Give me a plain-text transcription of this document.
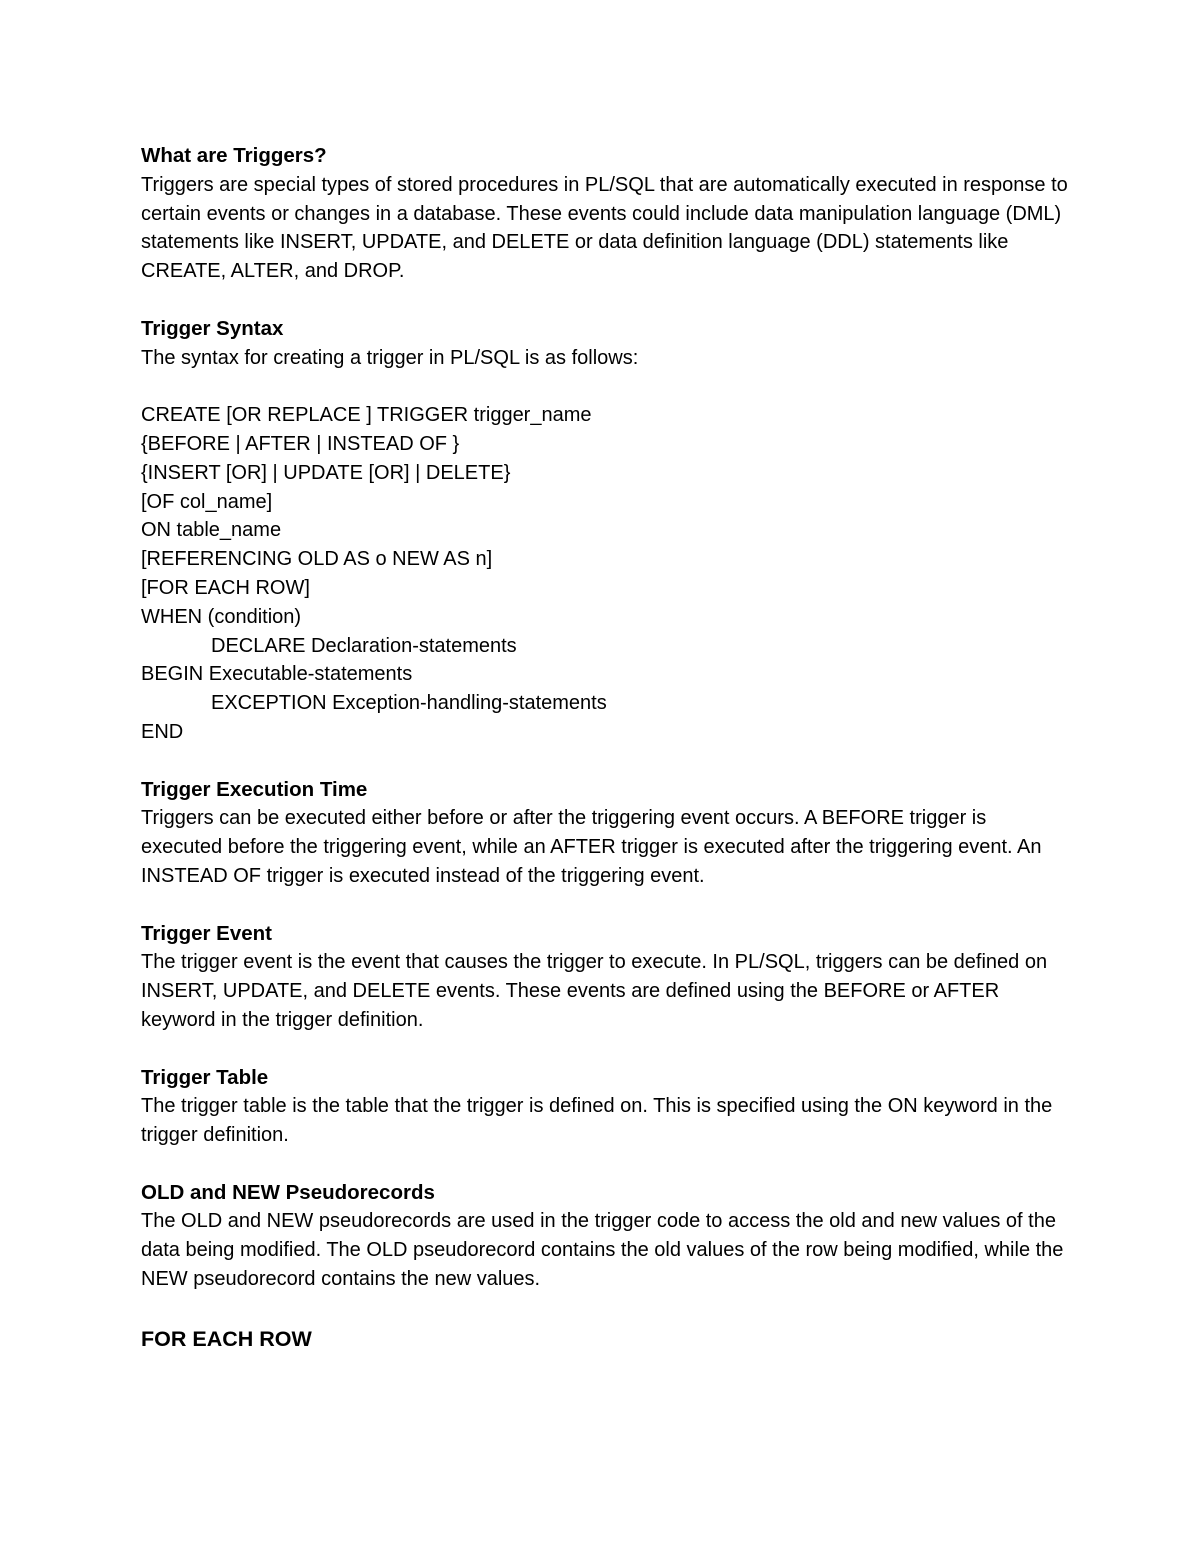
What are Triggers?

Triggers are special types of stored procedures in PL/SQL that are automatically executed in response to certain events or changes in a database. These events could include data manipulation language (DML) statements like INSERT, UPDATE, and DELETE or data definition language (DDL) statements like CREATE, ALTER, and DROP.

Trigger Syntax

The syntax for creating a trigger in PL/SQL is as follows:

CREATE [OR REPLACE ] TRIGGER trigger_name

{BEFORE | AFTER | INSTEAD OF }

{INSERT [OR] | UPDATE [OR] | DELETE}

[OF col_name]

ON table_name

[REFERENCING OLD AS o NEW AS n]

[FOR EACH ROW]

WHEN (condition)

DECLARE Declaration-statements

BEGIN Executable-statements

EXCEPTION Exception-handling-statements

END

Trigger Execution Time

Triggers can be executed either before or after the triggering event occurs. A BEFORE trigger is executed before the triggering event, while an AFTER trigger is executed after the triggering event. An INSTEAD OF trigger is executed instead of the triggering event.

Trigger Event

The trigger event is the event that causes the trigger to execute. In PL/SQL, triggers can be defined on INSERT, UPDATE, and DELETE events. These events are defined using the BEFORE or AFTER keyword in the trigger definition.

Trigger Table

The trigger table is the table that the trigger is defined on. This is specified using the ON keyword in the trigger definition.

OLD and NEW Pseudorecords

The OLD and NEW pseudorecords are used in the trigger code to access the old and new values of the data being modified. The OLD pseudorecord contains the old values of the row being modified, while the NEW pseudorecord contains the new values.

FOR EACH ROW
